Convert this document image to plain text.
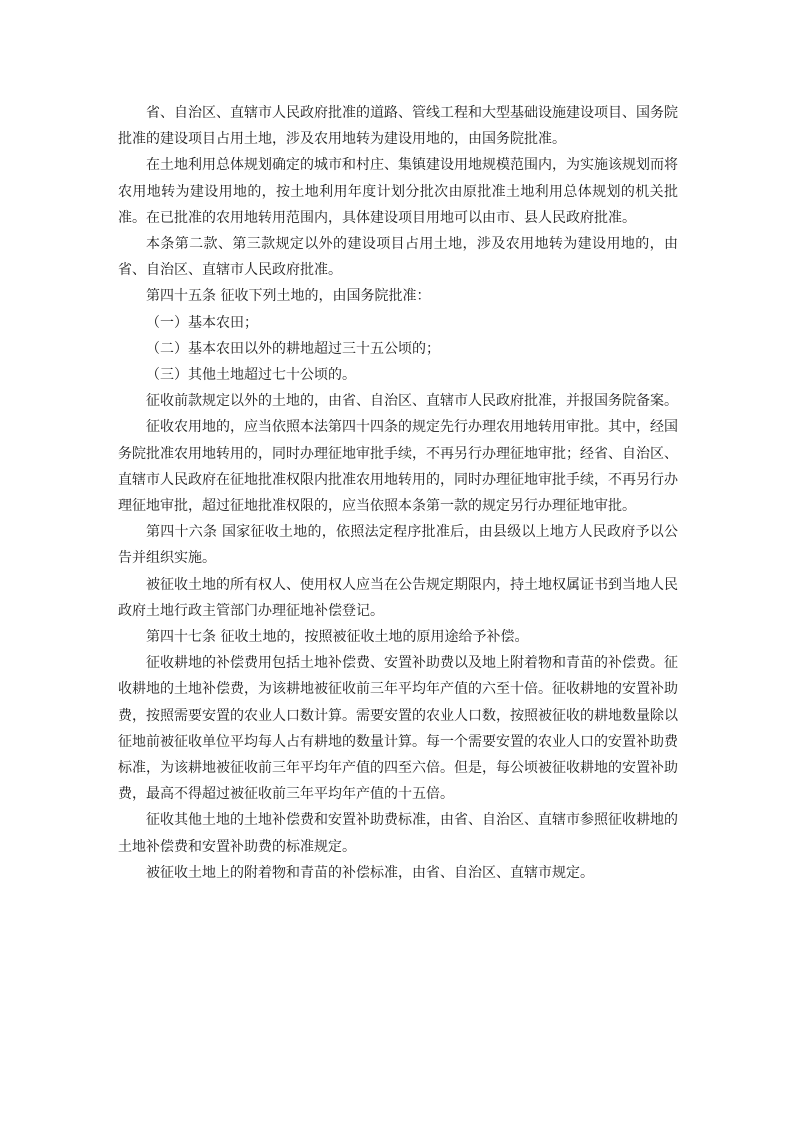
省、自治区、直辖市人民政府批准的道路、管线工程和大型基础设施建设项目、国务院批准的建设项目占用土地，涉及农用地转为建设用地的，由国务院批准。

在土地利用总体规划确定的城市和村庄、集镇建设用地规模范围内，为实施该规划而将农用地转为建设用地的，按土地利用年度计划分批次由原批准土地利用总体规划的机关批准。在已批准的农用地转用范围内，具体建设项目用地可以由市、县人民政府批准。

本条第二款、第三款规定以外的建设项目占用土地，涉及农用地转为建设用地的，由省、自治区、直辖市人民政府批准。

第四十五条 征收下列土地的，由国务院批准：

（一）基本农田；

（二）基本农田以外的耕地超过三十五公顷的；

（三）其他土地超过七十公顷的。

征收前款规定以外的土地的，由省、自治区、直辖市人民政府批准，并报国务院备案。

征收农用地的，应当依照本法第四十四条的规定先行办理农用地转用审批。其中，经国务院批准农用地转用的，同时办理征地审批手续，不再另行办理征地审批；经省、自治区、直辖市人民政府在征地批准权限内批准农用地转用的，同时办理征地审批手续，不再另行办理征地审批，超过征地批准权限的，应当依照本条第一款的规定另行办理征地审批。

第四十六条 国家征收土地的，依照法定程序批准后，由县级以上地方人民政府予以公告并组织实施。

被征收土地的所有权人、使用权人应当在公告规定期限内，持土地权属证书到当地人民政府土地行政主管部门办理征地补偿登记。

第四十七条 征收土地的，按照被征收土地的原用途给予补偿。

征收耕地的补偿费用包括土地补偿费、安置补助费以及地上附着物和青苗的补偿费。征收耕地的土地补偿费，为该耕地被征收前三年平均年产值的六至十倍。征收耕地的安置补助费，按照需要安置的农业人口数计算。需要安置的农业人口数，按照被征收的耕地数量除以征地前被征收单位平均每人占有耕地的数量计算。每一个需要安置的农业人口的安置补助费标准，为该耕地被征收前三年平均年产值的四至六倍。但是，每公顷被征收耕地的安置补助费，最高不得超过被征收前三年平均年产值的十五倍。

征收其他土地的土地补偿费和安置补助费标准，由省、自治区、直辖市参照征收耕地的土地补偿费和安置补助费的标准规定。

被征收土地上的附着物和青苗的补偿标准，由省、自治区、直辖市规定。
